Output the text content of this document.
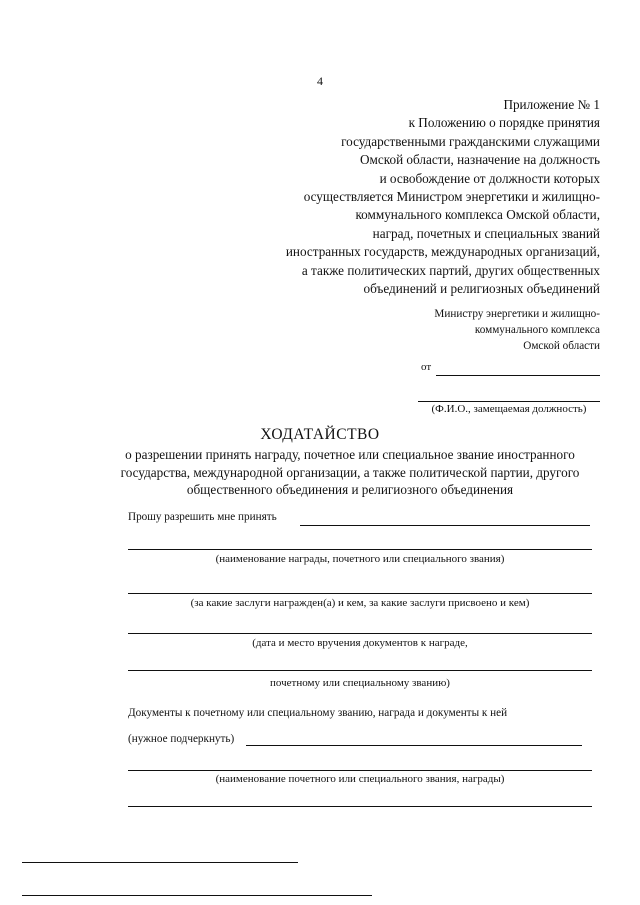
4
Приложение № 1
к Положению о порядке принятия
государственными гражданскими служащими
Омской области, назначение на должность
и освобождение от должности которых
осуществляется Министром энергетики и жилищно-
коммунального комплекса Омской области,
наград, почетных и специальных званий
иностранных государств, международных организаций,
а также политических партий, других общественных
объединений и религиозных объединений
Министру энергетики и жилищно-
коммунального комплекса
Омской области
от
(Ф.И.О., замещаемая должность)
ХОДАТАЙСТВО
о разрешении принять награду, почетное или специальное звание иностранного государства, международной организации, а также политической партии, другого общественного объединения и религиозного объединения
Прошу разрешить мне принять
(наименование награды, почетного или специального звания)
(за какие заслуги награжден(а) и кем, за какие заслуги присвоено и кем)
(дата и место вручения документов к награде,
почетному или специальному званию)
Документы к почетному или специальному званию, награда и документы к ней
(нужное подчеркнуть)
(наименование почетного или специального звания, награды)
